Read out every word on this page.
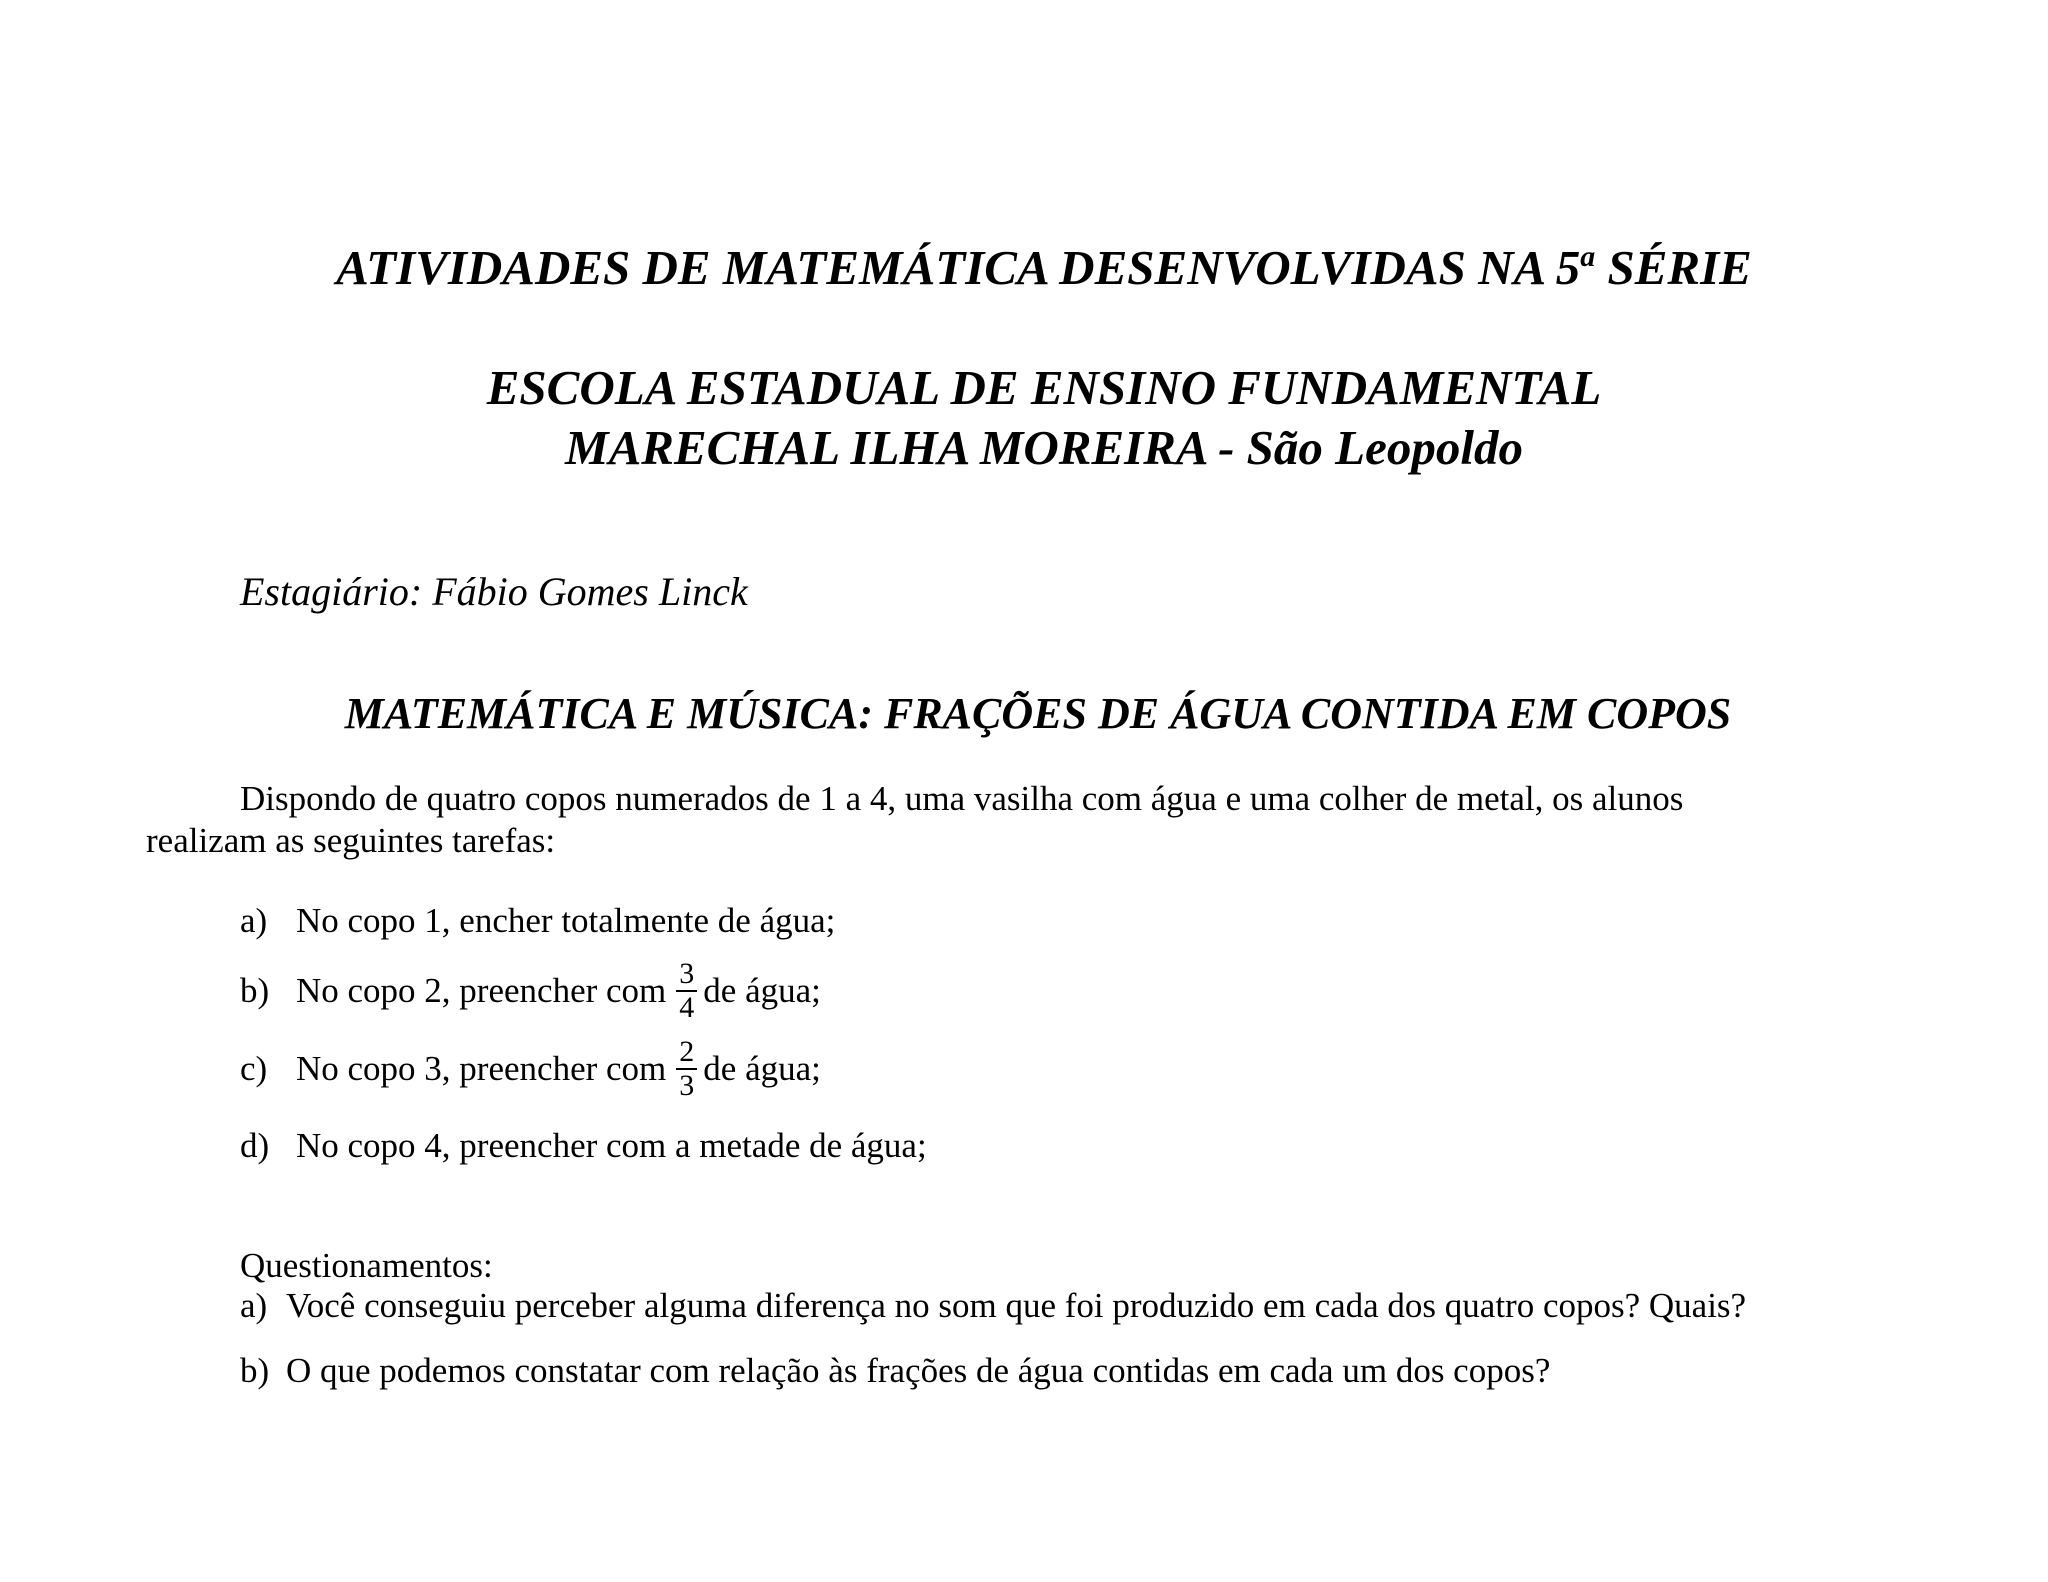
ATIVIDADES DE MATEMÁTICA DESENVOLVIDAS NA 5$^a$ SÉRIE
ESCOLA ESTADUAL DE ENSINO FUNDAMENTAL
MARECHAL ILHA MOREIRA - São Leopoldo
Estagiário: Fábio Gomes Linck
MATEMÁTICA E MÚSICA: FRAÇÕES DE ÁGUA CONTIDA EM COPOS
Dispondo de quatro copos numerados de 1 a 4, uma vasilha com água e uma colher de metal, os alunos
realizam as seguintes tarefas:
a) No copo 1, encher totalmente de água;
b) No copo 2, preencher com $\frac{3}{4}$ de água;
c) No copo 3, preencher com $\frac{2}{3}$ de água;
d) No copo 4, preencher com a metade de água;
Questionamentos:
a) Você conseguiu perceber alguma diferença no som que foi produzido em cada dos quatro copos? Quais?
b) O que podemos constatar com relação às frações de água contidas em cada um dos copos?
